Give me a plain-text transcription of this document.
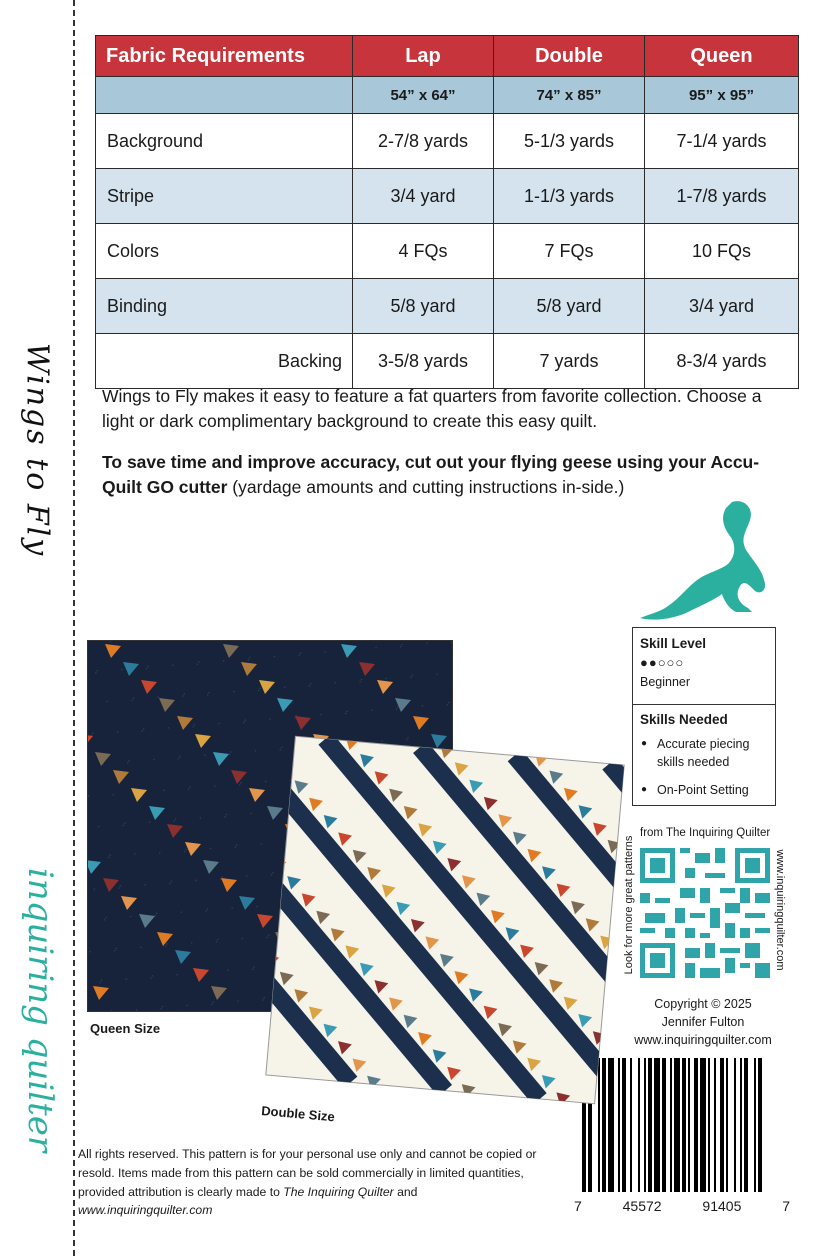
Wings to Fly
inquiring quilter
Fabric Requirements	Lap	Double	Queen
	54” x 64”	74” x 85”	95” x 95”
Background	2-7/8 yards	5-1/3 yards	7-1/4 yards
Stripe	3/4 yard	1-1/3 yards	1-7/8 yards
Colors	4 FQs	7 FQs	10 FQs
Binding	5/8 yard	5/8 yard	3/4 yard
Backing	3-5/8 yards	7 yards	8-3/4 yards
Wings to Fly makes it easy to feature a fat quarters from favorite collection. Choose a light or dark complimentary background to create this easy quilt.
To save time and improve accuracy, cut out your flying geese using your Accu-Quilt GO cutter (yardage amounts and cutting instructions in-side.)
Skill Level
●●○○○
Beginner
Skills Needed
● Accurate piecing skills needed
● On-Point Setting
from The Inquiring Quilter
Look for more great patterns	www.inquiringquilter.com
Copyright © 2025
Jennifer Fulton
www.inquiringquilter.com
7	45572	91405	7
Queen Size
Double Size
All rights reserved. This pattern is for your personal use only and cannot be copied or resold. Items made from this pattern can be sold commercially in limited quantities, provided attribution is clearly made to The Inquiring Quilter and www.inquiringquilter.com
